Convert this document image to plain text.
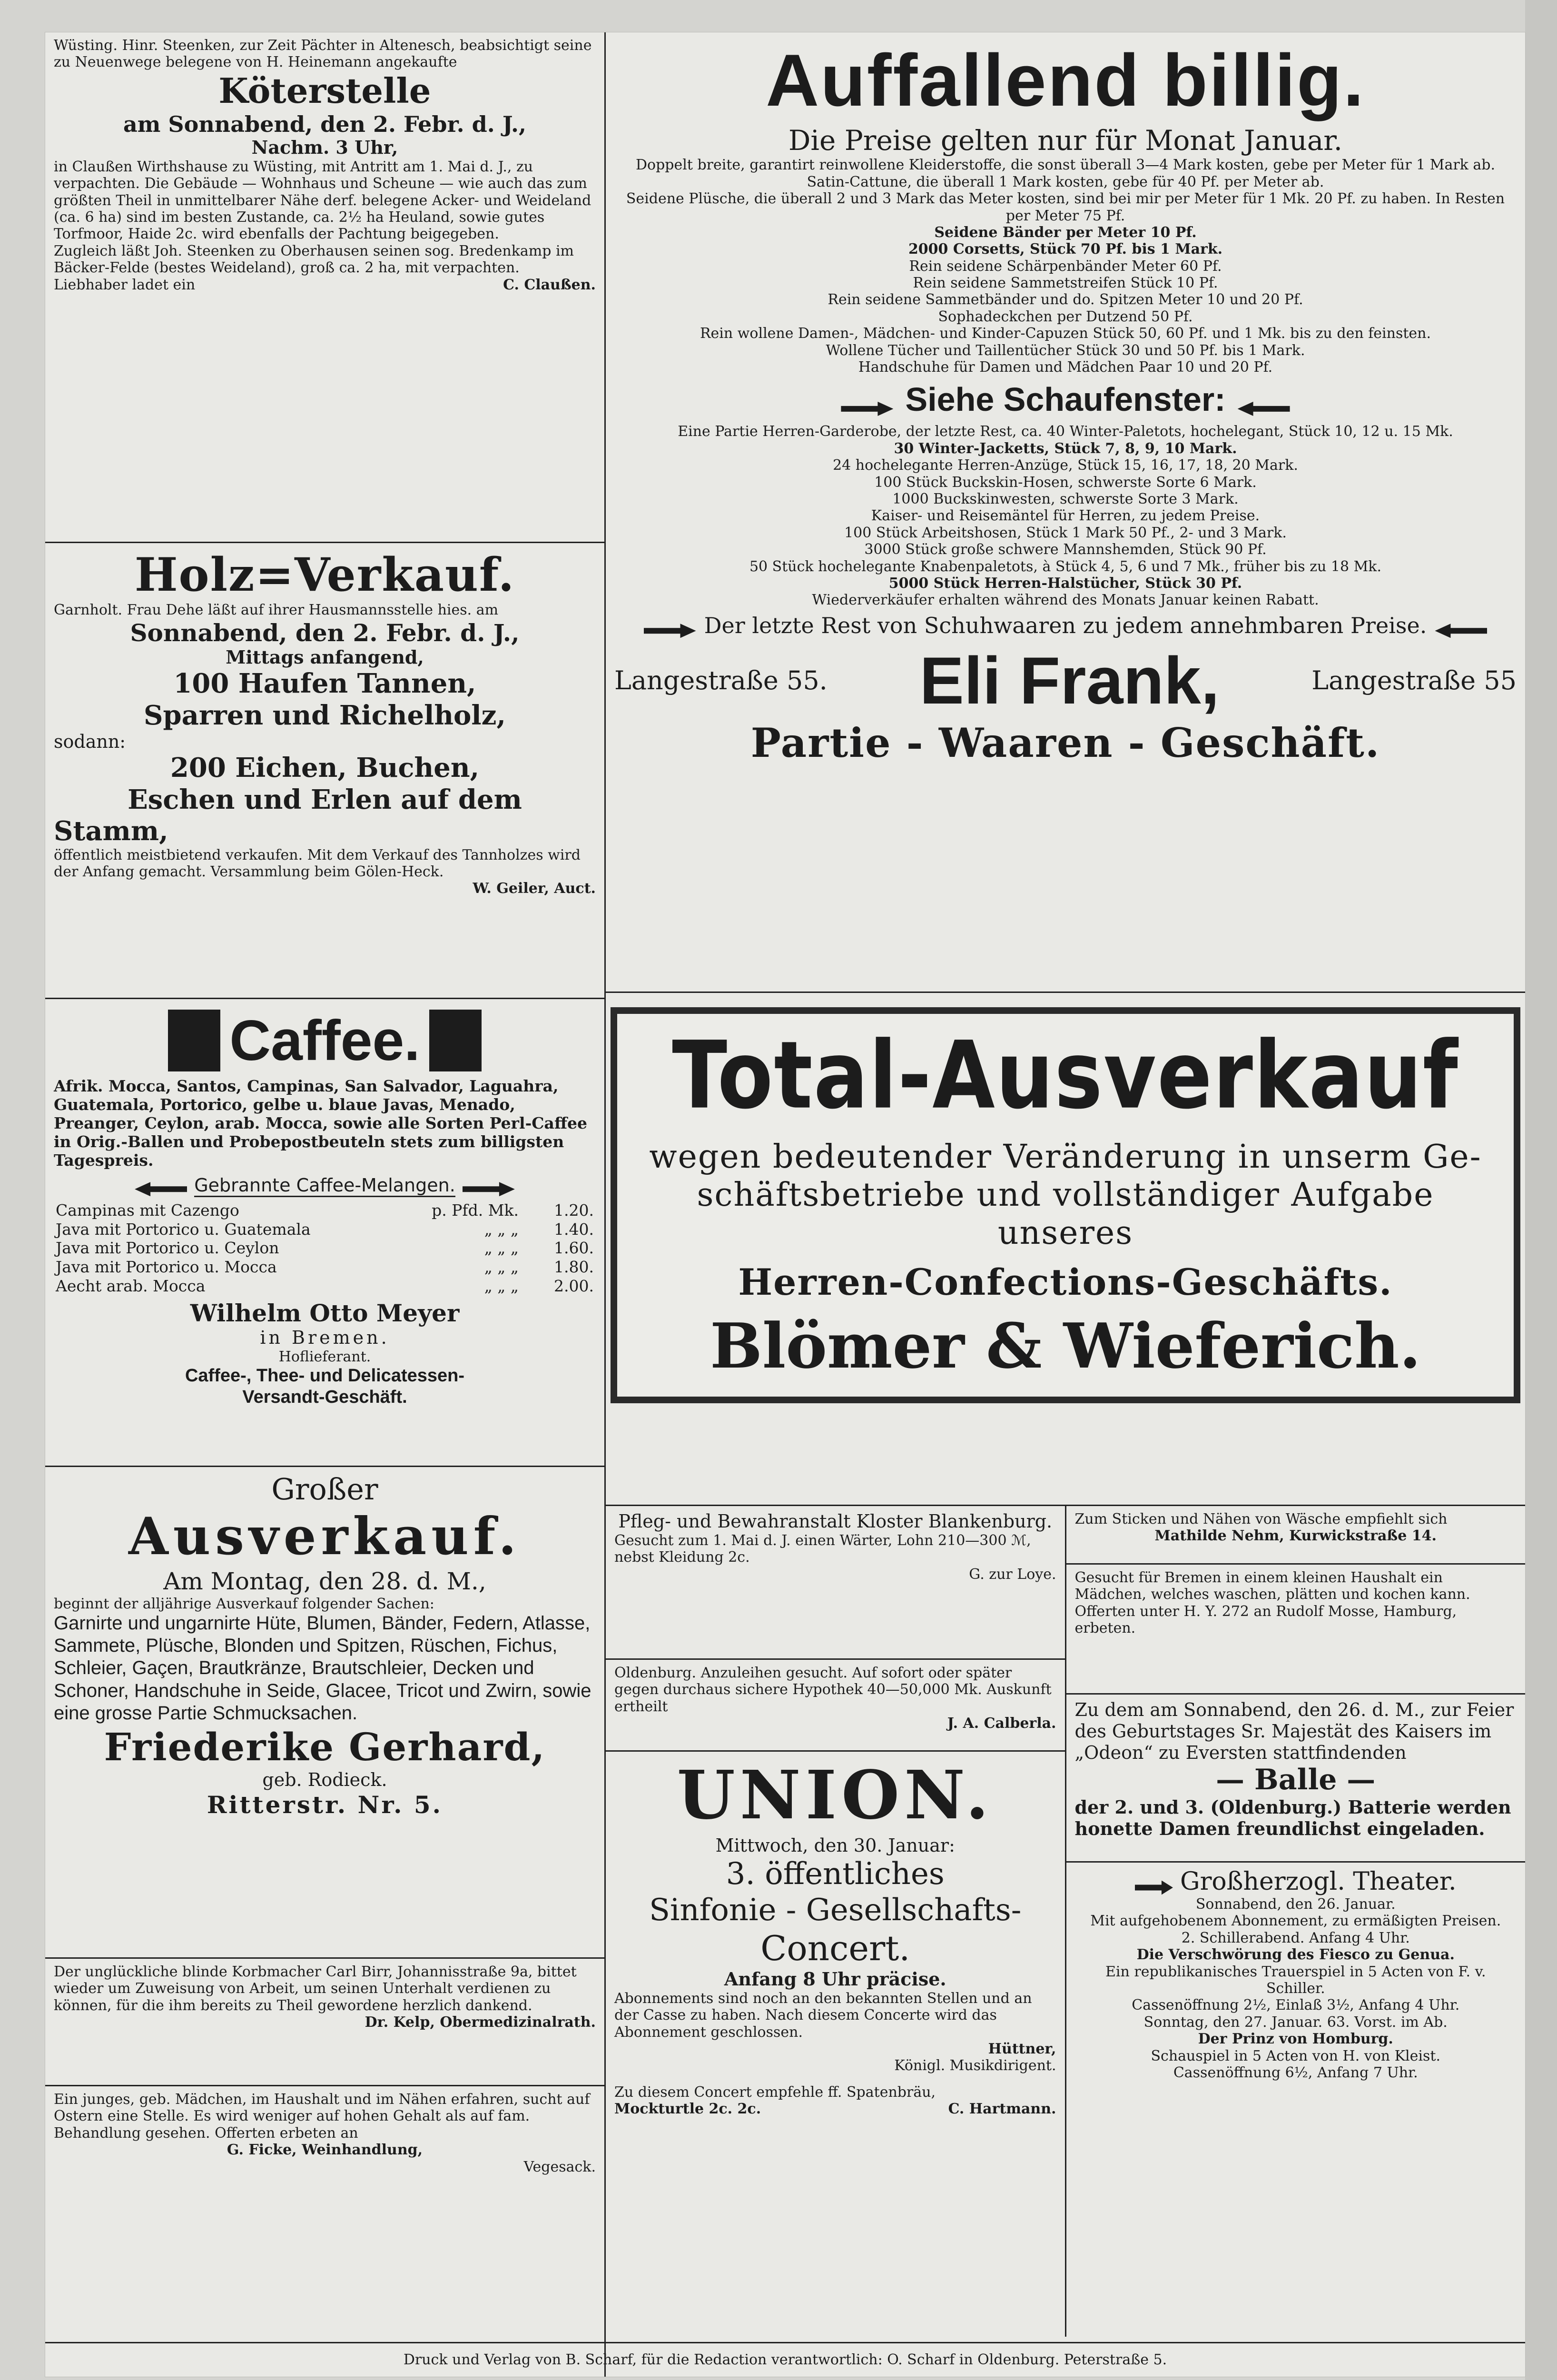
Wüsting. Hinr. Steenken, zur Zeit Pächter in Altenesch, beabsichtigt seine zu Neuenwege belegene von H. Heinemann angekaufte

Köterstelle

am Sonnabend, den 2. Febr. d. J.,

Nachm. 3 Uhr,

in Claußen Wirthshause zu Wüsting, mit Antritt am 1. Mai d. J., zu verpachten. Die Gebäude — Wohnhaus und Scheune — wie auch das zum größten Theil in unmittelbarer Nähe derf. belegene Acker- und Weideland (ca. 6 ha) sind im besten Zustande, ca. 2½ ha Heuland, sowie gutes Torfmoor, Haide 2c. wird ebenfalls der Pachtung beigegeben.

Zugleich läßt Joh. Steenken zu Oberhausen seinen sog. Bredenkamp im Bäcker-Felde (bestes Weideland), groß ca. 2 ha, mit verpachten.

Liebhaber ladet ein	C. Claußen.

Holz=Verkauf.

Garnholt. Frau Dehe läßt auf ihrer Hausmannsstelle hies. am

Sonnabend, den 2. Febr. d. J.,

Mittags anfangend,

100 Haufen Tannen,

Sparren und Richelholz,

sodann:

200 Eichen, Buchen,

Eschen und Erlen auf dem

Stamm,

öffentlich meistbietend verkaufen. Mit dem Verkauf des Tannholzes wird der Anfang gemacht. Versammlung beim Gölen-Heck.

W. Geiler, Auct.

Caffee.

Afrik. Mocca, Santos, Campinas, San Salvador, Laguahra, Guatemala, Portorico, gelbe u. blaue Javas, Menado, Preanger, Ceylon, arab. Mocca, sowie alle Sorten Perl-Caffee in Orig.-Ballen und Probepostbeuteln stets zum billigsten Tagespreis.

Gebrannte Caffee-Melangen.
Campinas mit Cazengo	p. Pfd. Mk.	1.20.
Java mit Portorico u. Guatemala	„ „ „	1.40.
Java mit Portorico u. Ceylon	„ „ „	1.60.
Java mit Portorico u. Mocca	„ „ „	1.80.
Aecht arab. Mocca	„ „ „	2.00.

Wilhelm Otto Meyer

in Bremen.

Hoflieferant.

Caffee-, Thee- und Delicatessen-

Versandt-Geschäft.

Großer

Ausverkauf.

Am Montag, den 28. d. M.,

beginnt der alljährige Ausverkauf folgender Sachen:

Garnirte und ungarnirte Hüte, Blumen, Bänder, Federn, Atlasse, Sammete, Plüsche, Blonden und Spitzen, Rüschen, Fichus, Schleier, Gaçen, Brautkränze, Brautschleier, Decken und Schoner, Handschuhe in Seide, Glacee, Tricot und Zwirn, sowie eine grosse Partie Schmucksachen.

Friederike Gerhard,

geb. Rodieck.

Ritterstr. Nr. 5.

Der unglückliche blinde Korbmacher Carl Birr, Johannisstraße 9a, bittet wieder um Zuweisung von Arbeit, um seinen Unterhalt verdienen zu können, für die ihm bereits zu Theil gewordene herzlich dankend.

Dr. Kelp, Obermedizinalrath.

Ein junges, geb. Mädchen, im Haushalt und im Nähen erfahren, sucht auf Ostern eine Stelle. Es wird weniger auf hohen Gehalt als auf fam. Behandlung gesehen. Offerten erbeten an

G. Ficke, Weinhandlung,

Vegesack.

Auffallend billig.

Die Preise gelten nur für Monat Januar.

Doppelt breite, garantirt reinwollene Kleiderstoffe, die sonst überall 3—4 Mark kosten, gebe per Meter für 1 Mark ab.

Satin-Cattune, die überall 1 Mark kosten, gebe für 40 Pf. per Meter ab.

Seidene Plüsche, die überall 2 und 3 Mark das Meter kosten, sind bei mir per Meter für 1 Mk. 20 Pf. zu haben. In Resten per Meter 75 Pf.

Seidene Bänder per Meter 10 Pf.

2000 Corsetts, Stück 70 Pf. bis 1 Mark.

Rein seidene Schärpenbänder Meter 60 Pf.

Rein seidene Sammetstreifen Stück 10 Pf.

Rein seidene Sammetbänder und do. Spitzen Meter 10 und 20 Pf.

Sophadeckchen per Dutzend 50 Pf.

Rein wollene Damen-, Mädchen- und Kinder-Capuzen Stück 50, 60 Pf. und 1 Mk. bis zu den feinsten.

Wollene Tücher und Taillentücher Stück 30 und 50 Pf. bis 1 Mark.

Handschuhe für Damen und Mädchen Paar 10 und 20 Pf.

Siehe Schaufenster:

Eine Partie Herren-Garderobe, der letzte Rest, ca. 40 Winter-Paletots, hochelegant, Stück 10, 12 u. 15 Mk.

30 Winter-Jacketts, Stück 7, 8, 9, 10 Mark.

24 hochelegante Herren-Anzüge, Stück 15, 16, 17, 18, 20 Mark.

100 Stück Buckskin-Hosen, schwerste Sorte 6 Mark.

1000 Buckskinwesten, schwerste Sorte 3 Mark.

Kaiser- und Reisemäntel für Herren, zu jedem Preise.

100 Stück Arbeitshosen, Stück 1 Mark 50 Pf., 2- und 3 Mark.

3000 Stück große schwere Mannshemden, Stück 90 Pf.

50 Stück hochelegante Knabenpaletots, à Stück 4, 5, 6 und 7 Mk., früher bis zu 18 Mk.

5000 Stück Herren-Halstücher, Stück 30 Pf.

Wiederverkäufer erhalten während des Monats Januar keinen Rabatt.

Der letzte Rest von Schuhwaaren zu jedem annehmbaren Preise.
Langestraße 55. Eli Frank,	Langestraße 55

Partie - Waaren - Geschäft.

Total-Ausverkauf

wegen bedeutender Veränderung in unserm Ge-

schäftsbetriebe und vollständiger Aufgabe unseres

Herren-Confections-Geschäfts.

Blömer & Wieferich.

Pfleg- und Bewahranstalt Kloster Blankenburg.

Gesucht zum 1. Mai d. J. einen Wärter, Lohn 210—300 ℳ, nebst Kleidung 2c.

G. zur Loye.

Oldenburg. Anzuleihen gesucht. Auf sofort oder später gegen durchaus sichere Hypothek 40—50,000 Mk. Auskunft ertheilt

J. A. Calberla.

UNION.

Mittwoch, den 30. Januar:

3. öffentliches

Sinfonie - Gesellschafts-

Concert.

Anfang 8 Uhr präcise.

Abonnements sind noch an den bekannten Stellen und an der Casse zu haben. Nach diesem Concerte wird das Abonnement geschlossen.

Hüttner,

Königl. Musikdirigent.

Zu diesem Concert empfehle ff. Spatenbräu,

Mockturtle 2c. 2c.	C. Hartmann.

Zum Sticken und Nähen von Wäsche empfiehlt sich

Mathilde Nehm, Kurwickstraße 14.

Gesucht für Bremen in einem kleinen Haushalt ein Mädchen, welches waschen, plätten und kochen kann. Offerten unter H. Y. 272 an Rudolf Mosse, Hamburg, erbeten.

Zu dem am Sonnabend, den 26. d. M., zur Feier des Geburtstages Sr. Majestät des Kaisers im „Odeon“ zu Eversten stattfindenden

— Balle —

der 2. und 3. (Oldenburg.) Batterie werden honette Damen freundlichst eingeladen.

Großherzogl. Theater.

Sonnabend, den 26. Januar.

Mit aufgehobenem Abonnement, zu ermäßigten Preisen.

2. Schillerabend. Anfang 4 Uhr.

Die Verschwörung des Fiesco zu Genua.

Ein republikanisches Trauerspiel in 5 Acten von F. v. Schiller.

Cassenöffnung 2½, Einlaß 3½, Anfang 4 Uhr.

Sonntag, den 27. Januar. 63. Vorst. im Ab.

Der Prinz von Homburg.

Schauspiel in 5 Acten von H. von Kleist.

Cassenöffnung 6½, Anfang 7 Uhr.

Druck und Verlag von B. Scharf, für die Redaction verantwortlich: O. Scharf in Oldenburg. Peterstraße 5.
